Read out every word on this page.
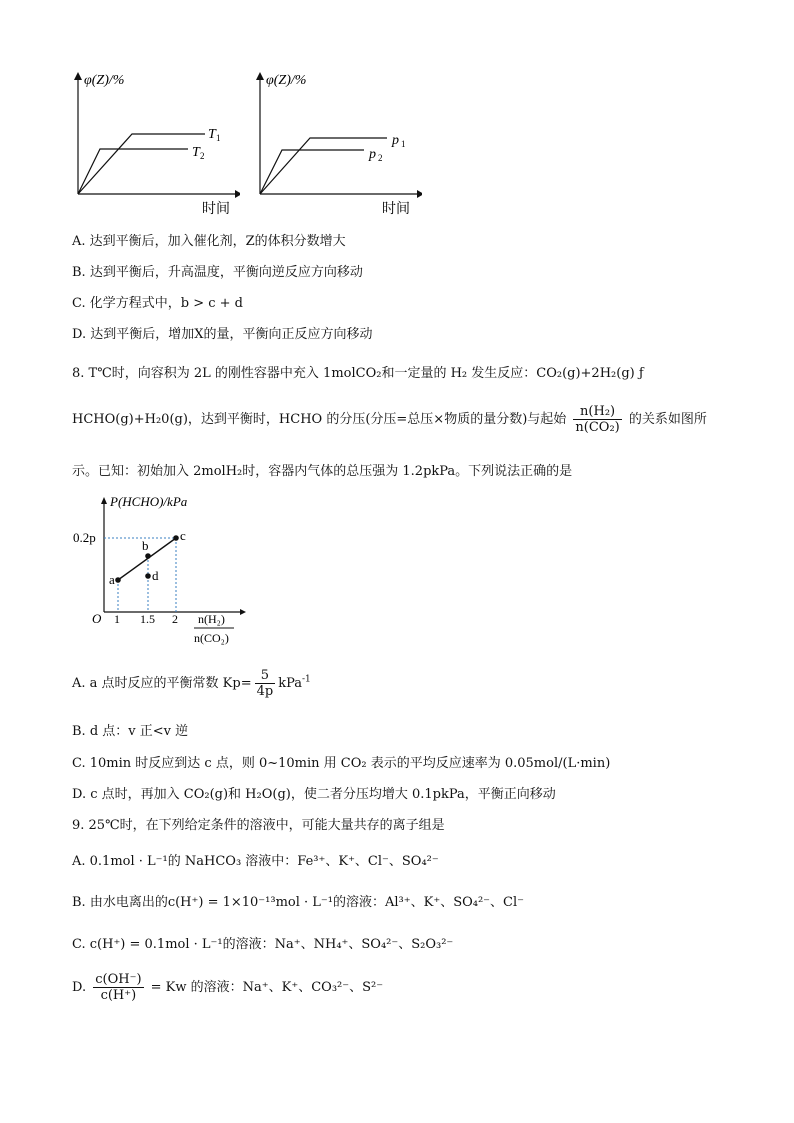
φ(Z)/%
T 1
T 2
时间
φ(Z)/%
p 1
p 2
时间
A. 达到平衡后，加入催化剂，Z的体积分数增大
B. 达到平衡后，升高温度，平衡向逆反应方向移动
C. 化学方程式中，b > c + d
D. 达到平衡后，增加X的量，平衡向正反应方向移动
8. T℃时，向容积为 2L 的刚性容器中充入 1molCO₂和一定量的 H₂ 发生反应：CO₂(g)+2H₂(g) ƒ
HCHO(g)+H₂0(g)，达到平衡时，HCHO 的分压(分压=总压×物质的量分数)与起始 $\frac{\text{n(H₂)}}{\text{n(CO₂)}}$ 的关系如图所
示。已知：初始加入 2molH₂时，容器内气体的总压强为 1.2pkPa。下列说法正确的是
a
b
c
d
P(HCHO)/kPa
0.2p
O 1 1.5 2 n(H₂)
n(CO₂)
A. a 点时反应的平衡常数 $Kp= \frac{5}{4p} kPa^{-1}$
B. d 点：v 正<v 逆
C. 10min 时反应到达 c 点，则 0~10min 用 CO₂ 表示的平均反应速率为 0.05mol/(L·min)
D. c 点时，再加入 CO₂(g)和 H₂O(g)，使二者分压均增大 0.1pkPa，平衡正向移动
9. 25℃时，在下列给定条件的溶液中，可能大量共存的离子组是
A. 0.1mol · L⁻¹的 NaHCO₃ 溶液中：Fe³⁺、K⁺、Cl⁻、SO₄²⁻
B. 由水电离出的c(H⁺) = 1×10⁻¹³mol · L⁻¹的溶液：Al³⁺、K⁺、SO₄²⁻、Cl⁻
C. c(H⁺) = 0.1mol · L⁻¹的溶液：Na⁺、NH₄⁺、SO₄²⁻、S₂O₃²⁻
D. $\frac{c(OH^-)}{c(H^+)} = Kw$ 的溶液：Na⁺、K⁺、CO₃²⁻、S²⁻
